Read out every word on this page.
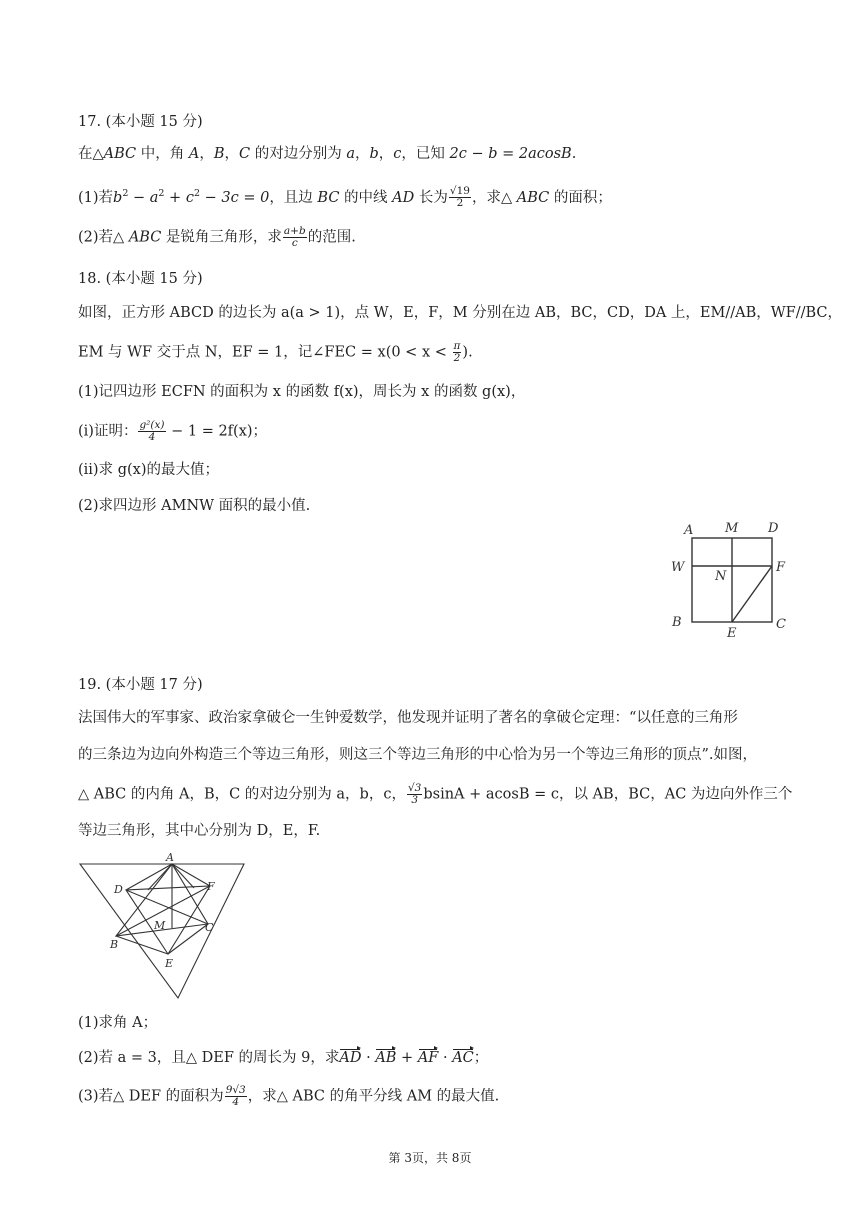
17. (本小题 15 分)
在△ABC 中，角 A，B，C 的对边分别为 a，b，c，已知 2c − b = 2acosB.
(1)若$b^2 - a^2 + c^2 - 3c = 0$，且边 BC 的中线 AD 长为 $\frac{√19}{2}$ ，求△ ABC 的面积；
(2)若△ ABC 是锐角三角形，求 $\frac{a+b}{c}$ 的范围.
18. (本小题 15 分)
如图，正方形 ABCD 的边长为 a(a > 1)，点 W，E，F，M 分别在边 AB，BC，CD，DA 上，EM//AB，WF//BC，
EM 与 WF 交于点 N，EF = 1，记∠FEC = $x(0 < x < \frac{\pi}{2}$ ).
(1)记四边形 ECFN 的面积为 x 的函数 f(x)，周长为 x 的函数 g(x)，
(i)证明： $\frac{\text{g²(x)}}{4} - 1 = 2f(x)$；
(ii)求 g(x)的最大值；
(2)求四边形 AMNW 面积的最小值.
A M D
W
N
F
B
E
C
19. (本小题 17 分)
法国伟大的军事家、政治家拿破仑一生钟爱数学，他发现并证明了著名的拿破仑定理：“以任意的三角形
的三条边为边向外构造三个等边三角形，则这三个等边三角形的中心恰为另一个等边三角形的顶点”.如图，
△ ABC 的内角 A，B，C 的对边分别为 a，b，c， $\frac{√3}{3}$ bsinA + acosB = c，以 AB，BC，AC 为边向外作三个
等边三角形，其中心分别为 D，E，F.
A
D	F
M
B
C
E
(1)求角 A；
(2)若 a = 3，且△ DEF 的周长为 9，求AD · AB + AF · AC；
(3)若△ DEF 的面积为 $\frac{9√3}{4}$ ，求△ ABC 的角平分线 AM 的最大值.
第 3页，共 8页
